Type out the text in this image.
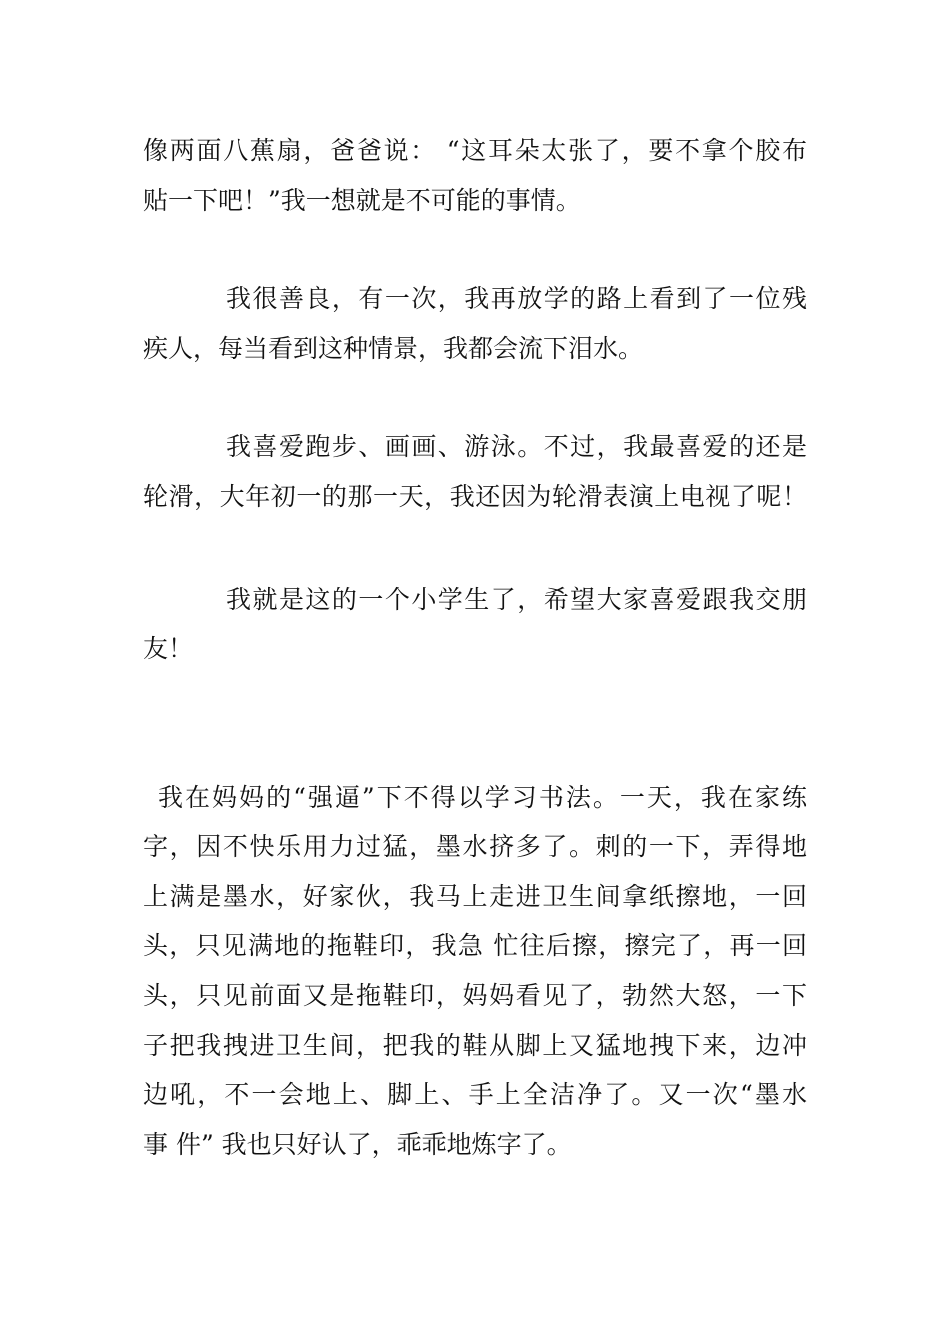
像两面八蕉扇，爸爸说： “这耳朵太张了，要不拿个胶布
贴一下吧！”我一想就是不可能的事情。
我很善良，有一次，我再放学的路上看到了一位残
疾人，每当看到这种情景，我都会流下泪水。
我喜爱跑步、画画、游泳。不过，我最喜爱的还是
轮滑，大年初一的那一天，我还因为轮滑表演上电视了呢！
我就是这的一个小学生了，希望大家喜爱跟我交朋
友！
我在妈妈的“强逼”下不得以学习书法。一天，我在家练
字，因不快乐用力过猛，墨水挤多了。刺的一下，弄得地
上满是墨水，好家伙，我马上走进卫生间拿纸擦地，一回
头，只见满地的拖鞋印，我急 忙往后擦，擦完了，再一回
头，只见前面又是拖鞋印，妈妈看见了，勃然大怒，一下
子把我拽进卫生间，把我的鞋从脚上又猛地拽下来，边冲
边吼，不一会地上、脚上、手上全洁净了。又一次“墨水
事 件” 我也只好认了，乖乖地炼字了。
